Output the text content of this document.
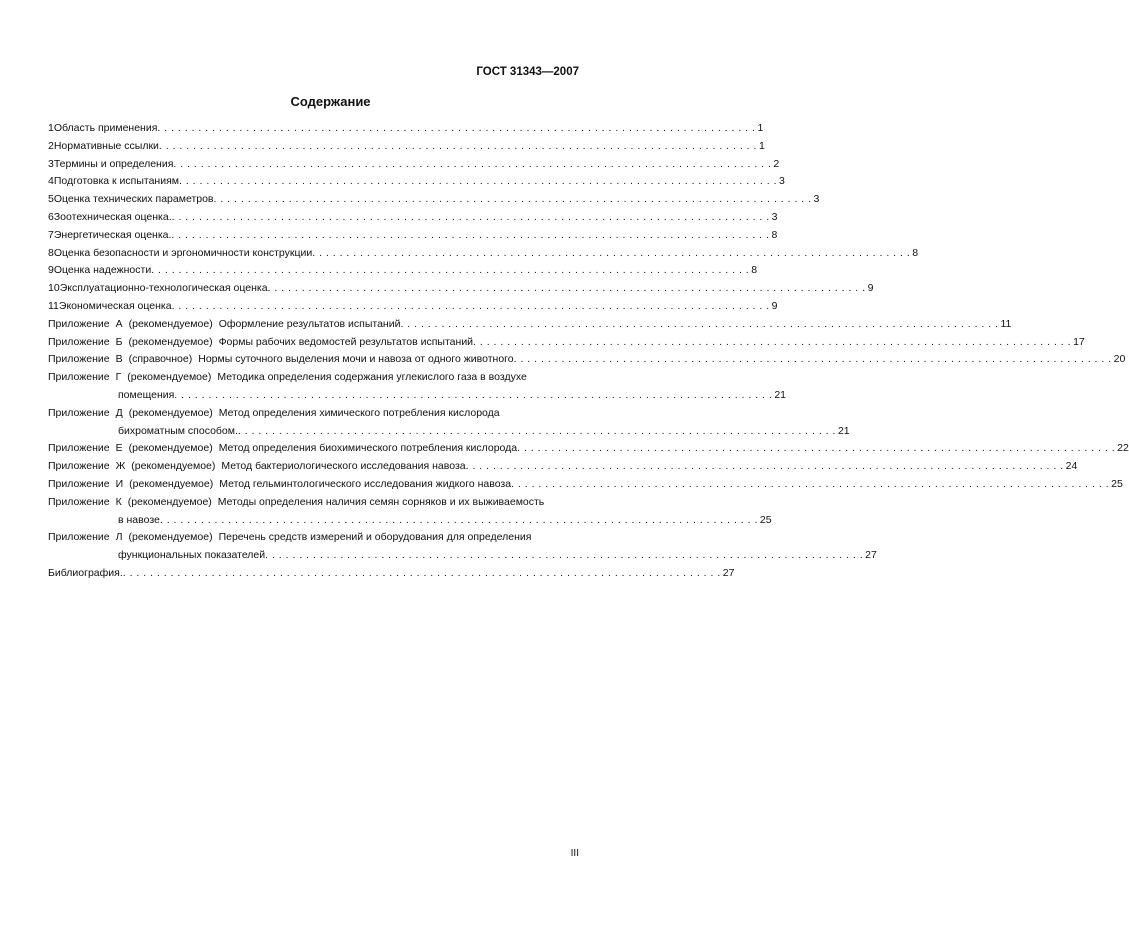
ГОСТ 31343—2007
Содержание
1 Область применения . . .	1
2 Нормативные ссылки . . .	1
3 Термины и определения . . .	2
4 Подготовка к испытаниям . . .	3
5 Оценка технических параметров . . .	3
6 Зоотехническая оценка. . . .	3
7 Энергетическая оценка. . . .	8
8 Оценка безопасности и эргономичности конструкции . . .	8
9 Оценка надежности . . .	8
10 Эксплуатационно-технологическая оценка . . .	9
11 Экономическая оценка . . .	9
Приложение А (рекомендуемое) Оформление результатов испытаний . . .	11
Приложение Б (рекомендуемое) Формы рабочих ведомостей результатов испытаний . . .	17
Приложение В (справочное) Нормы суточного выделения мочи и навоза от одного животного . . .	20
Приложение Г (рекомендуемое) Методика определения содержания углекислого газа в воздухе
помещения . . .	21
Приложение Д (рекомендуемое) Метод определения химического потребления кислорода
бихроматным способом. . . .	21
Приложение Е (рекомендуемое) Метод определения биохимического потребления кислорода . . .	22
Приложение Ж (рекомендуемое) Метод бактериологического исследования навоза . . .	24
Приложение И (рекомендуемое) Метод гельминтологического исследования жидкого навоза . . .	25
Приложение К (рекомендуемое) Методы определения наличия семян сорняков и их выживаемость
в навозе . . .	25
Приложение Л (рекомендуемое) Перечень средств измерений и оборудования для определения
функциональных показателей . . .	27
Библиография. . . .	27
III
